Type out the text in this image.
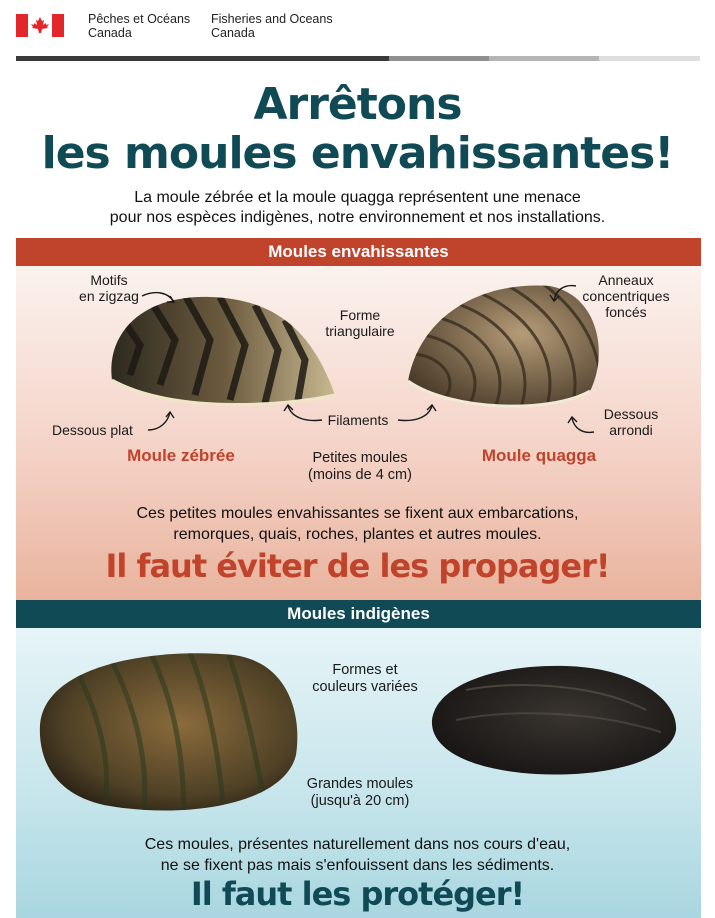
Pêches et Océans
Canada
Fisheries and Oceans
Canada
Arrêtons
les moules envahissantes!
La moule zébrée et la moule quagga représentent une menace
pour nos espèces indigènes, notre environnement et nos installations.
Moules envahissantes
Motifs
en zigzag
Dessous plat
Forme
triangulaire
Filaments
Anneaux
concentriques
foncés
Dessous
arrondi
Moule zébrée	Moule quagga
Petites moules
(moins de 4 cm)
Ces petites moules envahissantes se fixent aux embarcations,
remorques, quais, roches, plantes et autres moules.
Il faut éviter de les propager!
Moules indigènes
Formes et
couleurs variées
Grandes moules
(jusqu'à 20 cm)
Ces moules, présentes naturellement dans nos cours d'eau,
ne se fixent pas mais s'enfouissent dans les sédiments.
Il faut les protéger!
